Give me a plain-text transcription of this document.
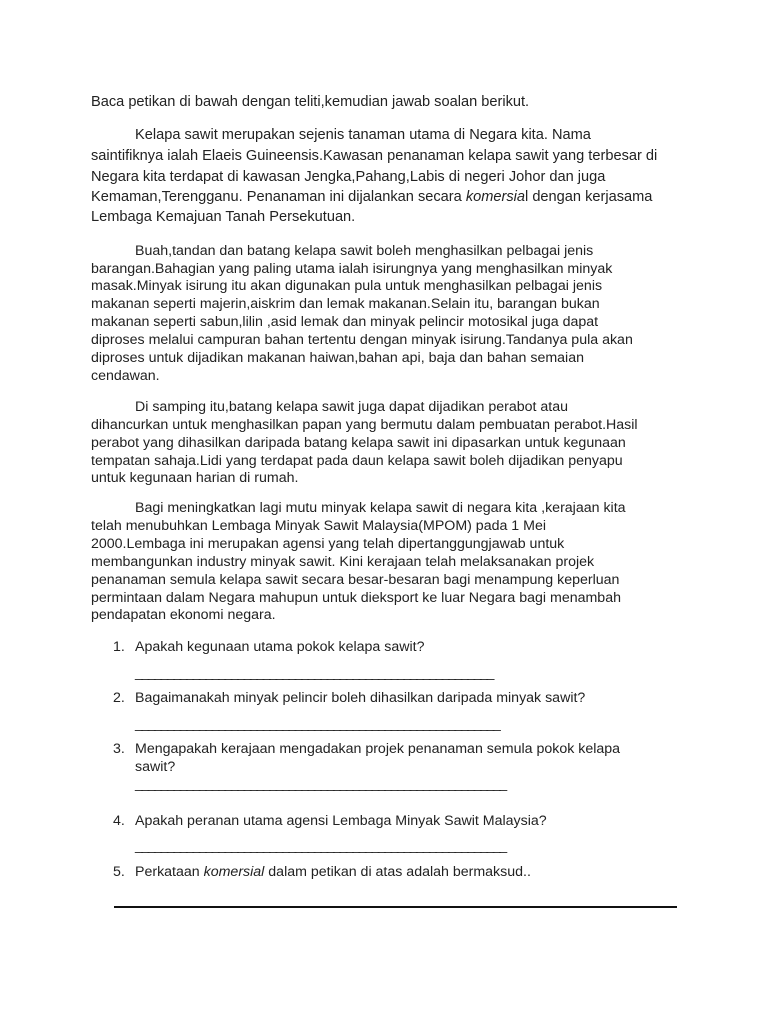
Baca petikan di bawah dengan teliti,kemudian jawab soalan berikut.
Kelapa sawit merupakan sejenis tanaman utama di Negara kita. Nama
saintifiknya ialah Elaeis Guineensis.Kawasan penanaman kelapa sawit yang terbesar di
Negara kita terdapat di kawasan Jengka,Pahang,Labis di negeri Johor dan juga
Kemaman,Terengganu. Penanaman ini dijalankan secara komersial dengan kerjasama
Lembaga Kemajuan Tanah Persekutuan.
Buah,tandan dan batang kelapa sawit boleh menghasilkan pelbagai jenis
barangan.Bahagian yang paling utama ialah isirungnya yang menghasilkan minyak
masak.Minyak isirung itu akan digunakan pula untuk menghasilkan pelbagai jenis
makanan seperti majerin,aiskrim dan lemak makanan.Selain itu, barangan bukan
makanan seperti sabun,lilin ,asid lemak dan minyak pelincir motosikal juga dapat
diproses melalui campuran bahan tertentu dengan minyak isirung.Tandanya pula akan
diproses untuk dijadikan makanan haiwan,bahan api, baja dan bahan semaian
cendawan.
Di samping itu,batang kelapa sawit juga dapat dijadikan perabot atau
dihancurkan untuk menghasilkan papan yang bermutu dalam pembuatan perabot.Hasil
perabot yang dihasilkan daripada batang kelapa sawit ini dipasarkan untuk kegunaan
tempatan sahaja.Lidi yang terdapat pada daun kelapa sawit boleh dijadikan penyapu
untuk kegunaan harian di rumah.
Bagi meningkatkan lagi mutu minyak kelapa sawit di negara kita ,kerajaan kita
telah menubuhkan Lembaga Minyak Sawit Malaysia(MPOM) pada 1 Mei
2000.Lembaga ini merupakan agensi yang telah dipertanggungjawab untuk
membangunkan industry minyak sawit. Kini kerajaan telah melaksanakan projek
penanaman semula kelapa sawit secara besar-besaran bagi menampung keperluan
permintaan dalam Negara mahupun untuk dieksport ke luar Negara bagi menambah
pendapatan ekonomi negara.
1. Apakah kegunaan utama pokok kelapa sawit?
________________________________________________________
2. Bagaimanakah minyak pelincir boleh dihasilkan daripada minyak sawit?
_________________________________________________________
3. Mengapakah kerajaan mengadakan projek penanaman semula pokok kelapa
sawit?
__________________________________________________________
4. Apakah peranan utama agensi Lembaga Minyak Sawit Malaysia?
__________________________________________________________
5. Perkataan komersial dalam petikan di atas adalah bermaksud..
